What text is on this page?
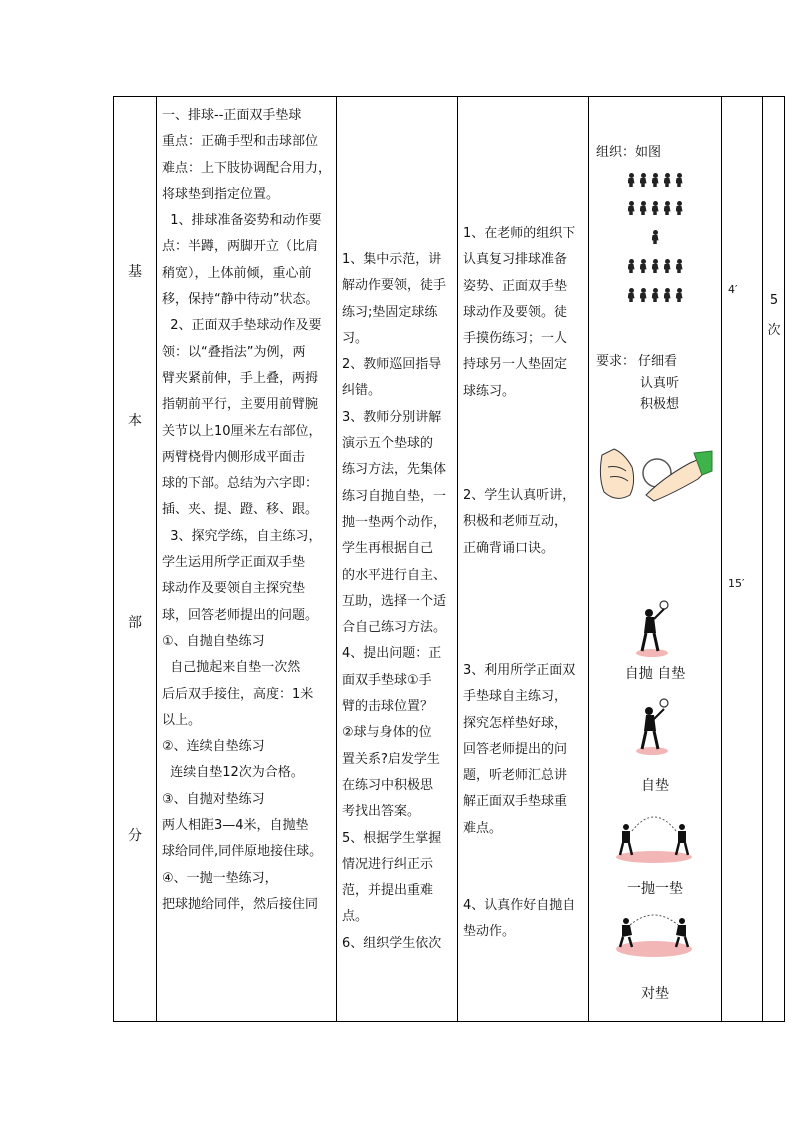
基
本
部
分
一、排球--正面双手垫球
重点：正确手型和击球部位
难点：上下肢协调配合用力，
将球垫到指定位置。
1、排球准备姿势和动作要
点：半蹲，两脚开立（比肩
稍宽），上体前倾，重心前
移，保持“静中待动”状态。
2、正面双手垫球动作及要
领：以“叠指法”为例，两
臂夹紧前伸，手上叠，两拇
指朝前平行，主要用前臂腕
关节以上10厘米左右部位，
两臂桡骨内侧形成平面击
球的下部。总结为六字即：
插、夹、提、蹬、移、跟。
3、探究学练，自主练习，
学生运用所学正面双手垫
球动作及要领自主探究垫
球，回答老师提出的问题。
①、自抛自垫练习
自己抛起来自垫一次然
后后双手接住，高度：1米
以上。
②、连续自垫练习
连续自垫12次为合格。
③、自抛对垫练习
两人相距3—4米，自抛垫
球给同伴,同伴原地接住球。
④、一抛一垫练习，
把球抛给同伴，然后接住同
1、集中示范，讲
解动作要领，徒手
练习;垫固定球练
习。
2、教师巡回指导
纠错。
3、教师分别讲解
演示五个垫球的
练习方法，先集体
练习自抛自垫，一
抛一垫两个动作，
学生再根据自己
的水平进行自主、
互助，选择一个适
合自己练习方法。
4、提出问题：正
面双手垫球①手
臂的击球位置？
②球与身体的位
置关系?启发学生
在练习中积极思
考找出答案。
5、根据学生掌握
情况进行纠正示
范，并提出重难点。
6、组织学生依次
1、在老师的组织下
认真复习排球准备
姿势、正面双手垫
球动作及要领。徒
手摸伤练习；一人
持球另一人垫固定
球练习。
2、学生认真听讲，
积极和老师互动，
正确背诵口诀。
3、利用所学正面双
手垫球自主练习，
探究怎样垫好球，
回答老师提出的问
题，听老师汇总讲
解正面双手垫球重
难点。
4、认真作好自抛自
垫动作。
组织：如图
要求： 仔细看
认真听
积极想
自抛 自垫
自垫
一抛一垫
对垫
4′
15′
5
次
